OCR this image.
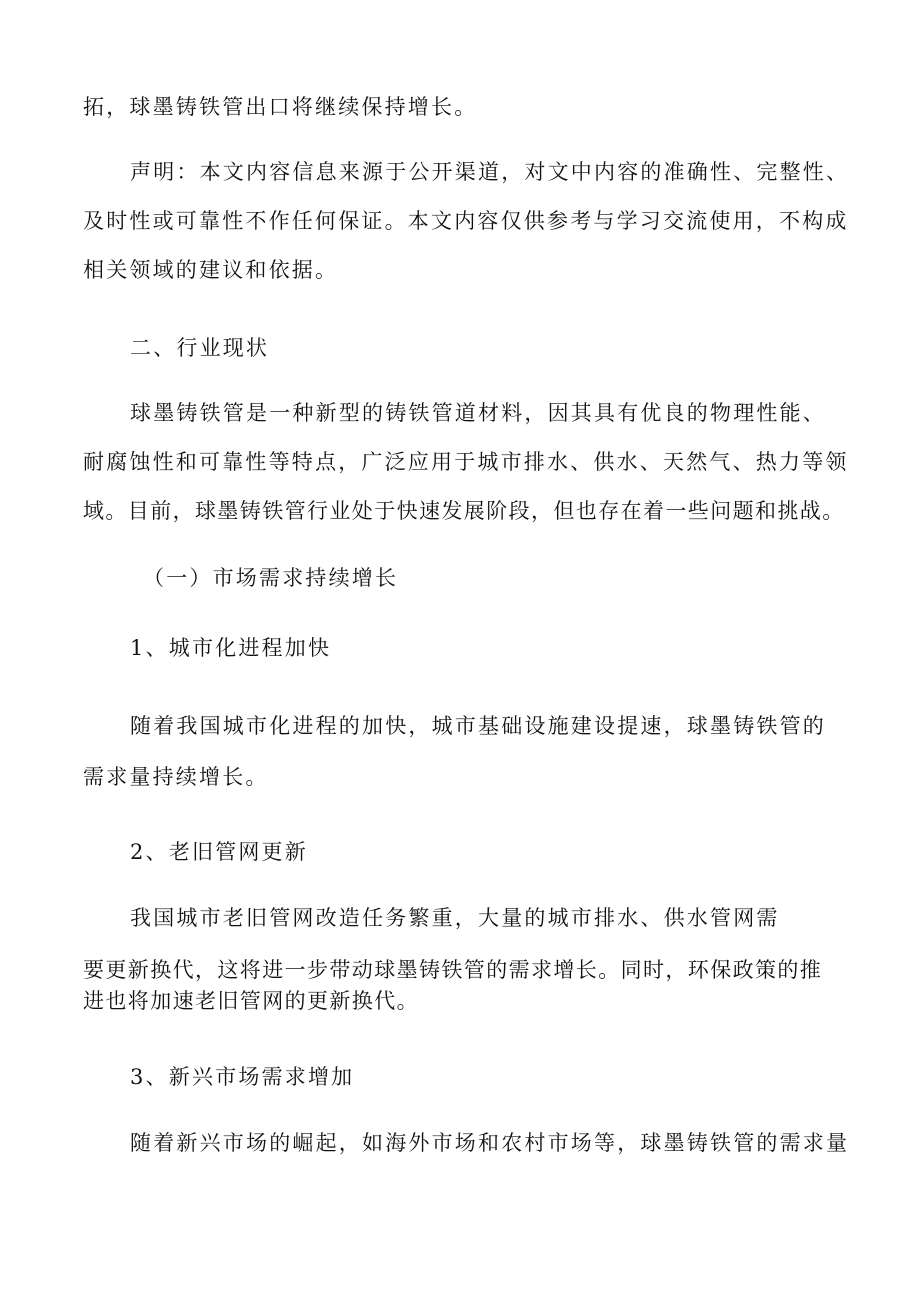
拓，球墨铸铁管出口将继续保持增长。
声明：本文内容信息来源于公开渠道，对文中内容的准确性、完整性、
及时性或可靠性不作任何保证。本文内容仅供参考与学习交流使用，不构成
相关领域的建议和依据。
二、行业现状
球墨铸铁管是一种新型的铸铁管道材料，因其具有优良的物理性能、
耐腐蚀性和可靠性等特点，广泛应用于城市排水、供水、天然气、热力等领
域。目前，球墨铸铁管行业处于快速发展阶段，但也存在着一些问题和挑战。
（一）市场需求持续增长
1、城市化进程加快
随着我国城市化进程的加快，城市基础设施建设提速，球墨铸铁管的
需求量持续增长。
2、老旧管网更新
我国城市老旧管网改造任务繁重，大量的城市排水、供水管网需
要更新换代，这将进一步带动球墨铸铁管的需求增长。同时，环保政策的推
进也将加速老旧管网的更新换代。
3、新兴市场需求增加
随着新兴市场的崛起，如海外市场和农村市场等，球墨铸铁管的需求量
